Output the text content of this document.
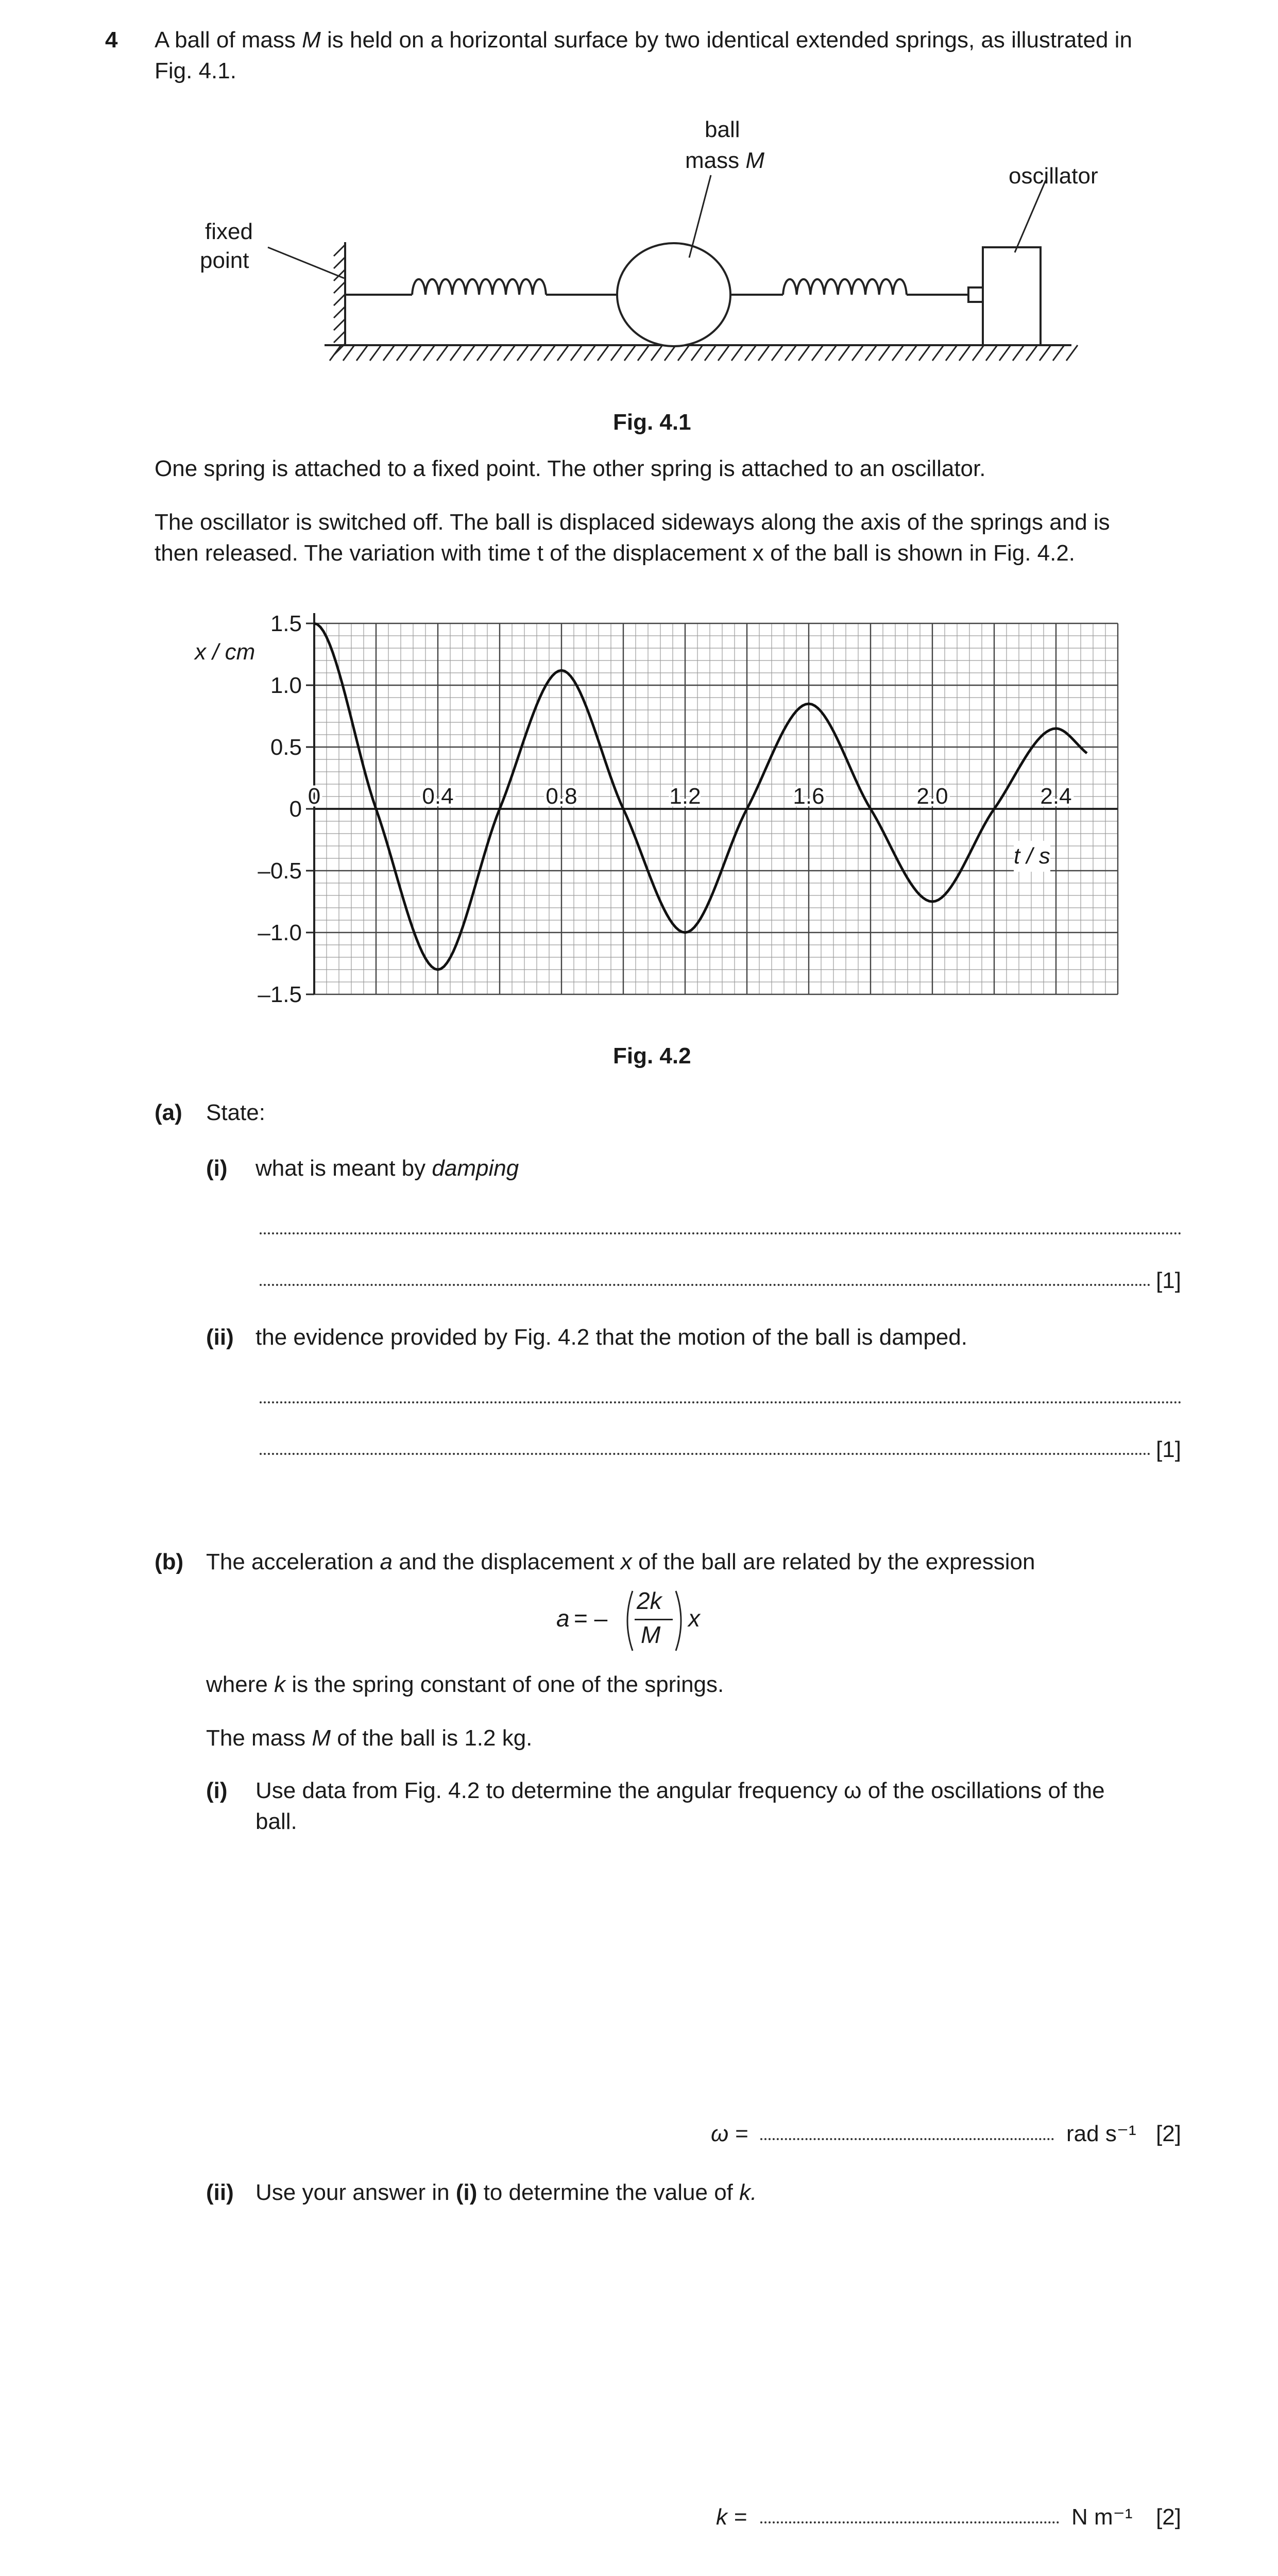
4 A ball of mass M is held on a horizontal surface by two identical extended springs, as illustrated in
Fig. 4.1.
ball
mass M
oscillator
fixed
point
Fig. 4.1
One spring is attached to a fixed point. The other spring is attached to an oscillator.
The oscillator is switched off. The ball is displaced sideways along the axis of the springs and is
then released. The variation with time t of the displacement x of the ball is shown in Fig. 4.2.
1.5
1.0
0.5
0
–0.5
–1.0
–1.5
0	0.4	0.8	1.2	1.6	2.0	2.4
x / cm
t / s
Fig. 4.2
(a) State:
(i) what is meant by damping
[1]
(ii) the evidence provided by Fig. 4.2 that the motion of the ball is damped.
[1]
(b) The acceleration a and the displacement x of the ball are related by the expression
a = –
2k
M
x
where k is the spring constant of one of the springs.
The mass M of the ball is 1.2 kg.
(i) Use data from Fig. 4.2 to determine the angular frequency ω of the oscillations of the
ball.
ω =	rad s⁻¹ [2]
(ii) Use your answer in (i) to determine the value of k.
k =	N m⁻¹ [2]
